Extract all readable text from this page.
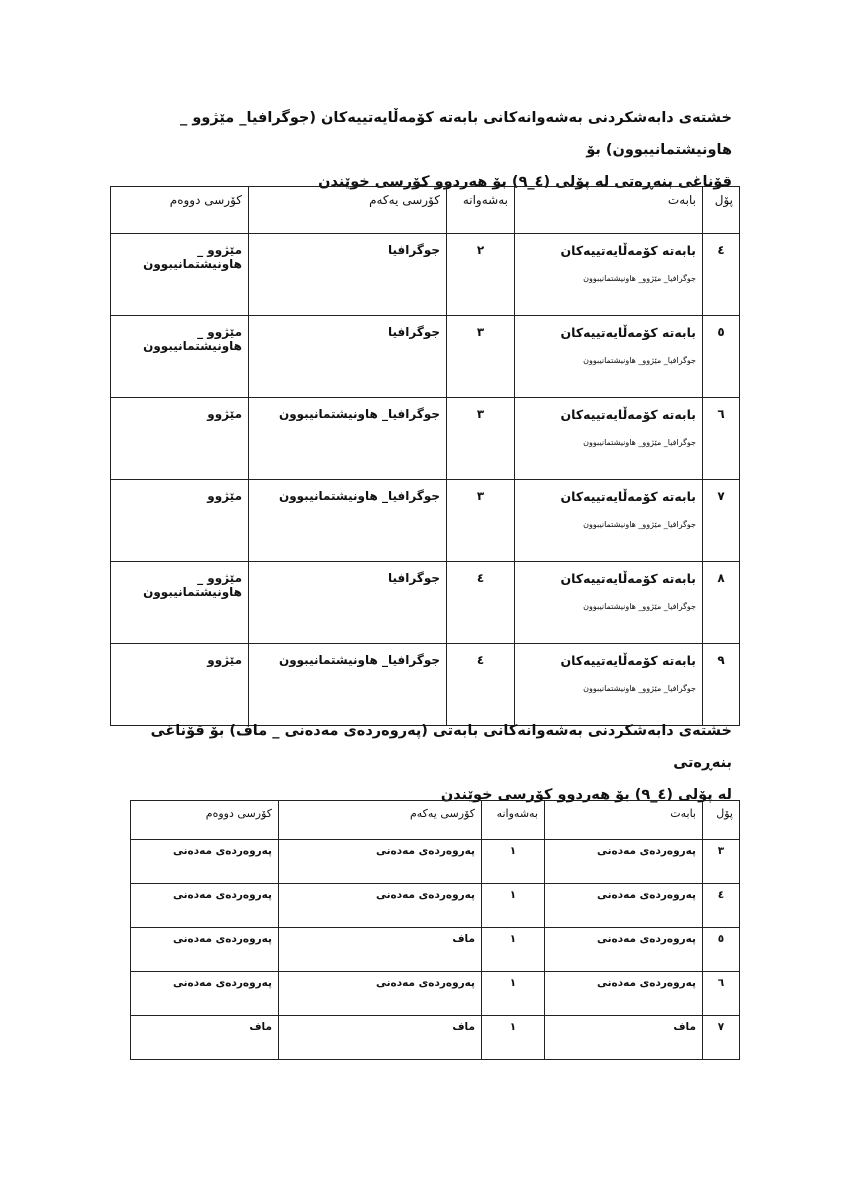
خشتەی دابەشکردنی بەشەوانەکانی بابەتە کۆمەڵایەتییەکان (جوگرافیا_ مێژوو _ هاونیشتمانیبوون) بۆ
قۆناغی بنەڕەتی لە پۆلی (٤_٩) بۆ هەردوو کۆرسی خوێندن
پۆل	بابەت	بەشەوانە	کۆرسی یەکەم	کۆرسی دووەم
٤	بابەتە کۆمەڵایەتییەکان
جوگرافیا_ مێژوو_ هاونیشتمانیبوون	٢	جوگرافیا	مێژوو _ هاونیشتمانیبوون
٥	بابەتە کۆمەڵایەتییەکان
جوگرافیا_ مێژوو_ هاونیشتمانیبوون	٣	جوگرافیا	مێژوو _ هاونیشتمانیبوون
٦	بابەتە کۆمەڵایەتییەکان
جوگرافیا_ مێژوو_ هاونیشتمانیبوون	٣	جوگرافیا_ هاونیشتمانیبوون	مێژوو
٧	بابەتە کۆمەڵایەتییەکان
جوگرافیا_ مێژوو_ هاونیشتمانیبوون	٣	جوگرافیا_ هاونیشتمانیبوون	مێژوو
٨	بابەتە کۆمەڵایەتییەکان
جوگرافیا_ مێژوو_ هاونیشتمانیبوون	٤	جوگرافیا	مێژوو _ هاونیشتمانیبوون
٩	بابەتە کۆمەڵایەتییەکان
جوگرافیا_ مێژوو_ هاونیشتمانیبوون	٤	جوگرافیا_ هاونیشتمانیبوون	مێژوو
خشتەی دابەشکردنی بەشەوانەکانی بابەتی (پەروەردەی مەدەنی _ ماف) بۆ قۆناغی بنەڕەتی
لە پۆلی (٤_٩) بۆ هەردوو کۆرسی خوێندن
پۆل	بابەت	بەشەوانە	کۆرسی یەکەم	کۆرسی دووەم
٣	پەروەردەی مەدەنی	١	پەروەردەی مەدەنی	پەروەردەی مەدەنی
٤	پەروەردەی مەدەنی	١	پەروەردەی مەدەنی	پەروەردەی مەدەنی
٥	پەروەردەی مەدەنی	١	ماف	پەروەردەی مەدەنی
٦	پەروەردەی مەدەنی	١	پەروەردەی مەدەنی	پەروەردەی مەدەنی
٧	ماف	١	ماف	ماف
